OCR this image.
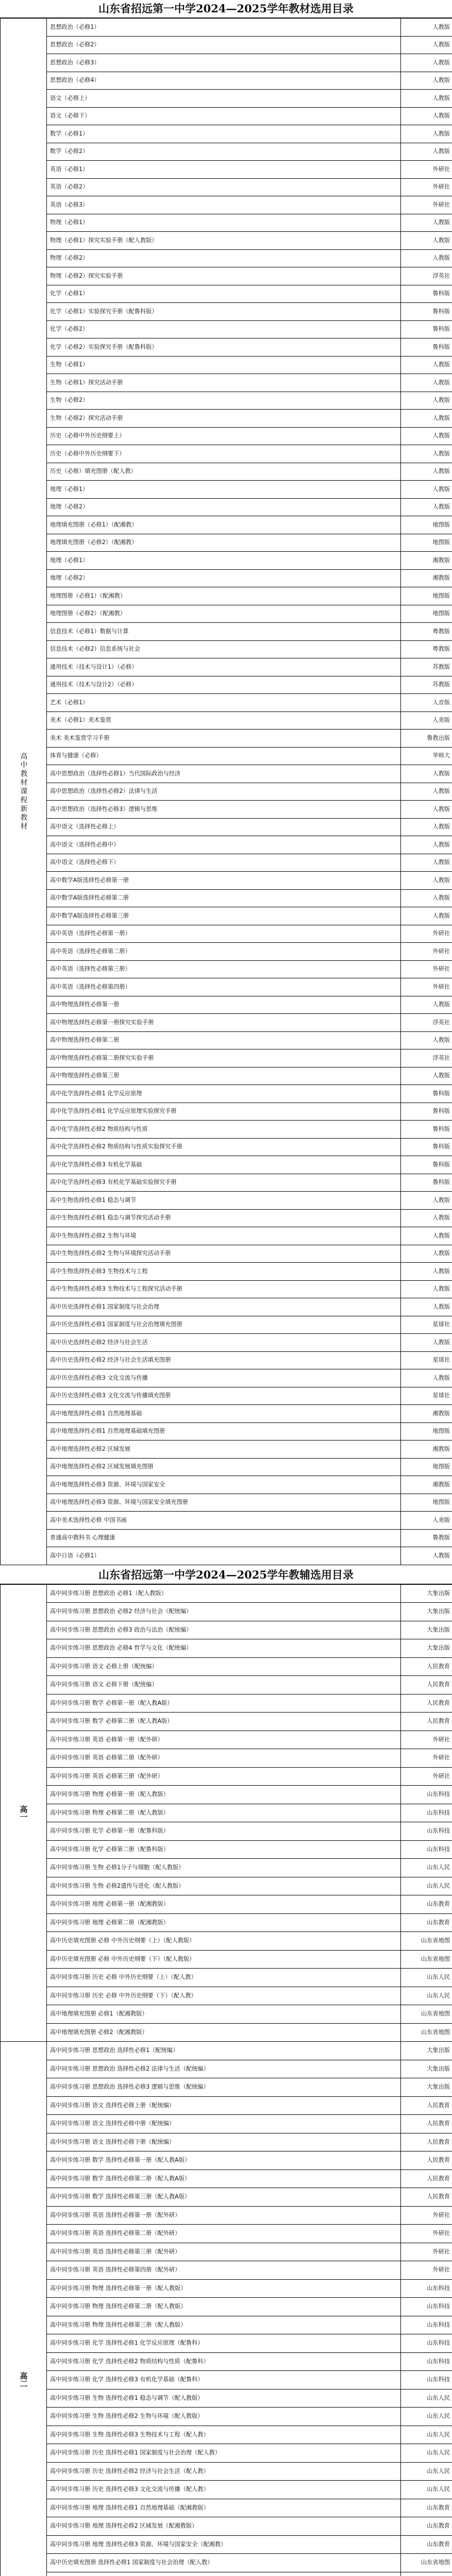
山东省招远第一中学2024—2025学年教材选用目录
高中教材课程新教材	思想政治（必修1）	人教版
	思想政治（必修2）	人教版
	思想政治（必修3）	人教版
	思想政治（必修4）	人教版
	语文（必修上）	人教版
	语文（必修下）	人教版
	数学（必修1）	人教版
	数学（必修2）	人教版
	英语（必修1）	外研社
	英语（必修2）	外研社
	英语（必修3）	外研社
	物理（必修1）	人教版
	物理（必修1）探究实验手册（配人教版）	人教版
	物理（必修2）	人教版
	物理（必修2）探究实验手册	浮英社
	化学（必修1）	鲁科版
	化学（必修1）实验探究手册（配鲁科版）	鲁科版
	化学（必修2）	鲁科版
	化学（必修2）实验探究手册（配鲁科版）	鲁科版
	生物（必修1）	人教版
	生物（必修1）探究活动手册	人教版
	生物（必修2）	人教版
	生物（必修2）探究活动手册	人教版
	历史（必修中外历史纲要上）	人教版
	历史（必修中外历史纲要下）	人教版
	历史（必修）填充图册（配人教）	人教版
	地理（必修1）	人教版
	地理（必修2）	人教版
	地理填充图册（必修1）（配湘教）	地图版
	地理填充图册（必修2）（配湘教）	地图版
	地理（必修1）	湘教版
	地理（必修2）	湘教版
	地理图册（必修1）（配湘教）	地图版
	地理图册（必修2）（配湘教）	地图版
	信息技术（必修1）数据与计算	粤教版
	信息技术（必修2）信息系统与社会	粤教版
	通用技术（技术与设计1）（必修）	苏教版
	通用技术（技术与设计2）（必修）	苏教版
	艺术（必修1）	人音版
	美术（必修1）美术鉴赏	人美版
	美术 美术鉴赏学习手册	鲁教出版
	体育与健康（必修）	华师大
	高中思想政治（选择性必修1）当代国际政治与经济	人教版
	高中思想政治（选择性必修2）法律与生活	人教版
	高中思想政治（选择性必修3）逻辑与思维	人教版
	高中语文（选择性必修上）	人教版
	高中语文（选择性必修中）	人教版
	高中语文（选择性必修下）	人教版
	高中数学A版选择性必修第一册	人教版
	高中数学A版选择性必修第二册	人教版
	高中数学A版选择性必修第三册	人教版
	高中英语（选择性必修第一册）	外研社
	高中英语（选择性必修第二册）	外研社
	高中英语（选择性必修第三册）	外研社
	高中英语（选择性必修第四册）	外研社
	高中物理选择性必修第一册	人教版
	高中物理选择性必修第一册探究实验手册	浮英社
	高中物理选择性必修第二册	人教版
	高中物理选择性必修第二册探究实验手册	浮英社
	高中物理选择性必修第三册	人教版
	高中化学选择性必修1 化学反应原理	鲁科版
	高中化学选择性必修1 化学反应原理实验探究手册	鲁科版
	高中化学选择性必修2 物质结构与性质	鲁科版
	高中化学选择性必修2 物质结构与性质实验探究手册	鲁科版
	高中化学选择性必修3 有机化学基础	鲁科版
	高中化学选择性必修3 有机化学基础实验探究手册	鲁科版
	高中生物选择性必修1 稳态与调节	人教版
	高中生物选择性必修1 稳态与调节探究活动手册	人教版
	高中生物选择性必修2 生物与环境	人教版
	高中生物选择性必修2 生物与环境探究活动手册	人教版
	高中生物选择性必修3 生物技术与工程	人教版
	高中生物选择性必修3 生物技术与工程探究活动手册	人教版
	高中历史选择性必修1 国家制度与社会治理	人教版
	高中历史选择性必修1 国家制度与社会治理填充图册	星球社
	高中历史选择性必修2 经济与社会生活	人教版
	高中历史选择性必修2 经济与社会生活填充图册	星球社
	高中历史选择性必修3 文化交流与传播	人教版
	高中历史选择性必修3 文化交流与传播填充图册	星球社
	高中地理选择性必修1 自然地理基础	湘教版
	高中地理选择性必修1 自然地理基础填充图册	地图版
	高中地理选择性必修2 区域发展	湘教版
	高中地理选择性必修2 区域发展填充图册	地图版
	高中地理选择性必修3 资源、环境与国家安全	湘教版
	高中地理选择性必修3 资源、环境与国家安全填充图册	地图版
	高中美术选择性必修 中国书画	人美版
	普通高中教科书 心理健康	鲁教版
	高中日语（必修1）	人教版
山东省招远第一中学2024—2025学年教辅选用目录
高一	高中同步练习册 思想政治 必修1（配人教版）	大象出版
	高中同步练习册 思想政治 必修2 经济与社会（配统编）	大象出版
	高中同步练习册 思想政治 必修3 政治与法治（配统编）	大象出版
	高中同步练习册 思想政治 必修4 哲学与文化（配统编）	大象出版
	高中同步练习册 语文 必修上册（配统编）	人民教育
	高中同步练习册 语文 必修下册（配统编）	人民教育
	高中同步练习册 数学 必修第一册（配人教A版）	人民教育
	高中同步练习册 数学 必修第二册（配人教A版）	人民教育
	高中同步练习册 英语 必修第一册（配外研）	外研社
	高中同步练习册 英语 必修第二册（配外研）	外研社
	高中同步练习册 英语 必修第三册（配外研）	外研社
	高中同步练习册 物理 必修第一册（配人教版）	山东科技
	高中同步练习册 物理 必修第二册（配人教版）	山东科技
	高中同步练习册 化学 必修第一册（配鲁科版）	山东科技
	高中同步练习册 化学 必修第二册（配鲁科版）	山东科技
	高中同步练习册 生物 必修1分子与细胞（配人教版）	山东人民
	高中同步练习册 生物 必修2遗传与进化（配人教版）	山东人民
	高中同步练习册 地理 必修第一册（配湘教版）	山东教育
	高中同步练习册 地理 必修第二册（配湘教版）	山东教育
	高中历史填充图册 必修 中外历史纲要（上）（配人教版）	山东省地图
	高中历史填充图册 必修 中外历史纲要（下）（配人教版）	山东省地图
	高中同步练习册 历史 必修 中外历史纲要（上）（配人教）	山东人民
	高中同步练习册 历史 必修 中外历史纲要（下）（配人教）	山东人民
	高中地理填充图册 必修1（配湘教版）	山东省地图
	高中地理填充图册 必修2（配湘教版）	山东省地图
高二	高中同步练习册 思想政治 选择性必修1（配统编）	大象出版
	高中同步练习册 思想政治 选择性必修2 法律与生活（配统编）	大象出版
	高中同步练习册 思想政治 选择性必修3 逻辑与思维（配统编）	大象出版
	高中同步练习册 语文 选择性必修上册（配统编）	人民教育
	高中同步练习册 语文 选择性必修中册（配统编）	人民教育
	高中同步练习册 语文 选择性必修下册（配统编）	人民教育
	高中同步练习册 数学 选择性必修第一册（配人教A版）	人民教育
	高中同步练习册 数学 选择性必修第二册（配人教A版）	人民教育
	高中同步练习册 数学 选择性必修第三册（配人教A版）	人民教育
	高中同步练习册 英语 选择性必修第一册（配外研）	外研社
	高中同步练习册 英语 选择性必修第二册（配外研）	外研社
	高中同步练习册 英语 选择性必修第三册（配外研）	外研社
	高中同步练习册 英语 选择性必修第四册（配外研）	外研社
	高中同步练习册 物理 选择性必修第一册（配人教版）	山东科技
	高中同步练习册 物理 选择性必修第二册（配人教版）	山东科技
	高中同步练习册 物理 选择性必修第三册（配人教版）	山东科技
	高中同步练习册 化学 选择性必修1 化学反应原理（配鲁科）	山东科技
	高中同步练习册 化学 选择性必修2 物质结构与性质（配鲁科）	山东科技
	高中同步练习册 化学 选择性必修3 有机化学基础（配鲁科）	山东科技
	高中同步练习册 生物 选择性必修1 稳态与调节（配人教版）	山东人民
	高中同步练习册 生物 选择性必修2 生物与环境（配人教版）	山东人民
	高中同步练习册 生物 选择性必修3 生物技术与工程（配人教）	山东人民
	高中同步练习册 历史 选择性必修1 国家制度与社会治理（配人教）	山东人民
	高中同步练习册 历史 选择性必修2 经济与社会生活（配人教）	山东人民
	高中同步练习册 历史 选择性必修3 文化交流与传播（配人教）	山东人民
	高中同步练习册 地理 选择性必修1 自然地理基础（配湘教版）	山东教育
	高中同步练习册 地理 选择性必修2 区域发展（配湘教版）	山东教育
	高中同步练习册 地理 选择性必修3 资源、环境与国家安全（配湘教）	山东教育
	高中历史填充图册 选择性必修1 国家制度与社会治理（配人教）	山东省地图
